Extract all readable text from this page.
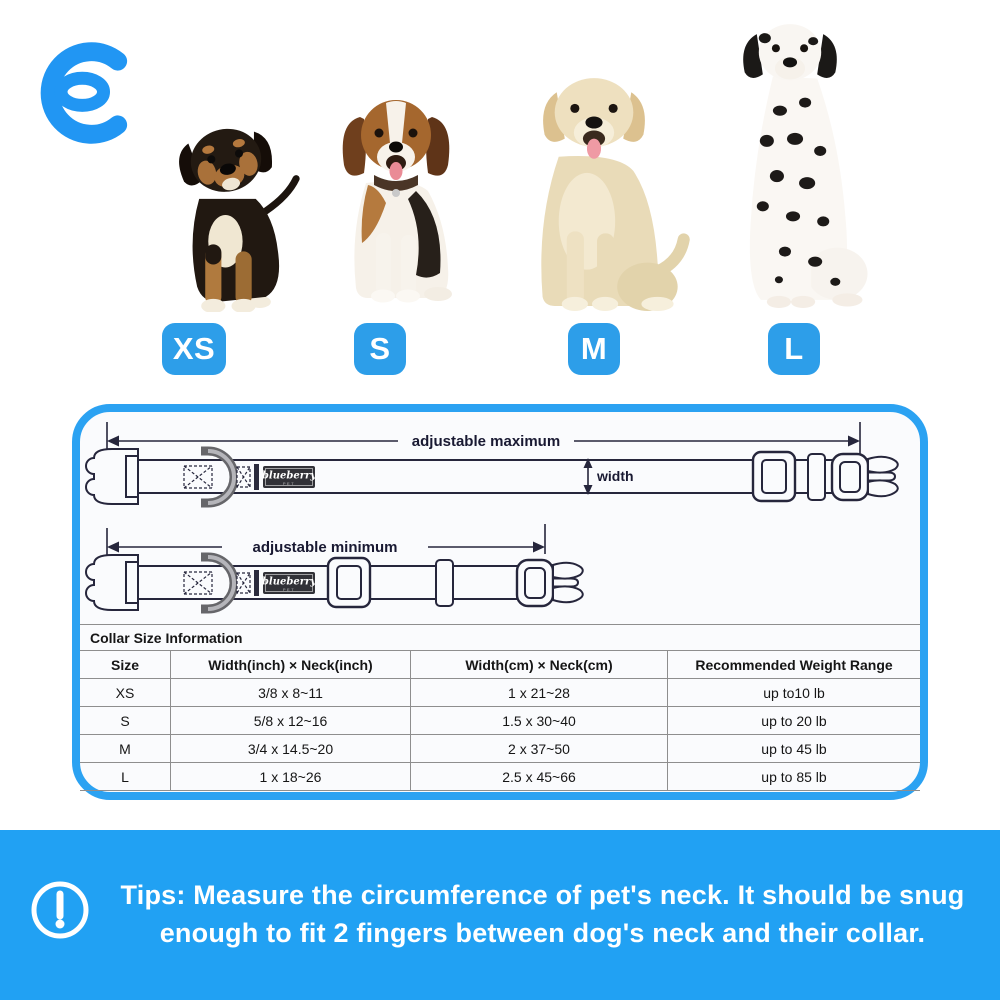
XS	S	M	L
blueberry
PET
adjustable maximum
width
adjustable minimum
Collar Size Information
Size	Width(inch) × Neck(inch)	Width(cm) × Neck(cm)	Recommended Weight Range
XS	3/8 x 8~11	1 x 21~28	up to10 lb
S	5/8 x 12~16	1.5 x 30~40	up to 20 lb
M	3/4 x 14.5~20	2 x 37~50	up to 45 lb
L	1 x 18~26	2.5 x 45~66	up to 85 lb
Tips: Measure the circumference of pet's neck. It should be snug
enough to fit 2 fingers between dog's neck and their collar.
